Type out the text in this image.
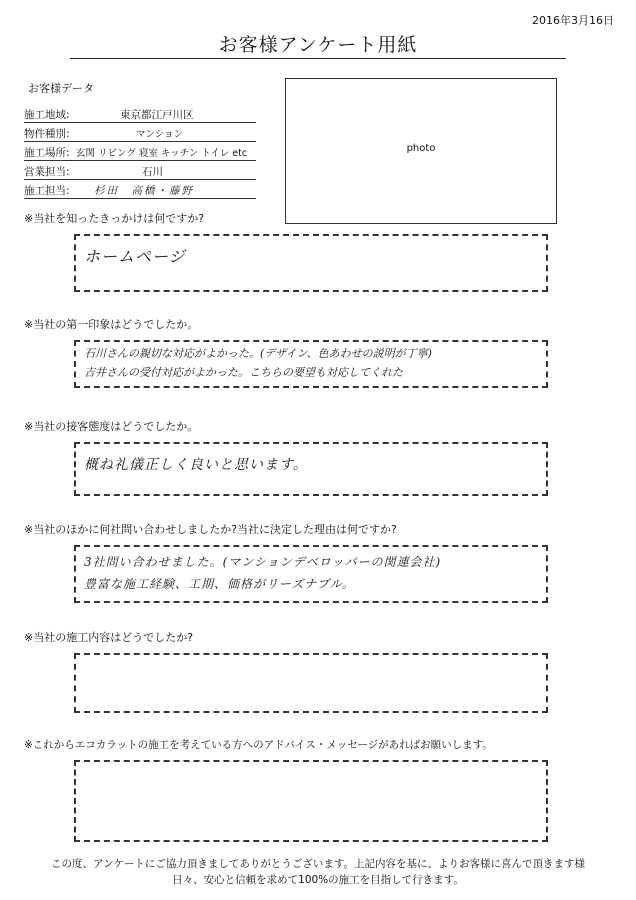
2016年3月16日
お客様アンケート用紙
お客様データ
施工地域:	東京都江戸川区
物件種別:	マンション
施工場所: 玄関 リビング 寝室 キッチン トイレ etc
営業担当:	石川
施工担当: 杉田　高橋・藤野
photo
※当社を知ったきっかけは何ですか?
ホームページ
※当社の第一印象はどうでしたか。
石川さんの親切な対応がよかった。(デザイン、色あわせの説明が丁寧)
吉井さんの受付対応がよかった。こちらの要望も対応してくれた
※当社の接客態度はどうでしたか。
概ね礼儀正しく良いと思います。
※当社のほかに何社問い合わせしましたか?当社に決定した理由は何ですか?
3社問い合わせました。(マンションデベロッパーの関連会社)
豊富な施工経験、工期、価格がリーズナブル。
※当社の施工内容はどうでしたか?
※これからエコカラットの施工を考えている方へのアドバイス・メッセージがあればお願いします。
この度、アンケートにご協力頂きましてありがとうございます。上記内容を基に、よりお客様に喜んで頂きます様
日々、安心と信頼を求めて100%の施工を目指して行きます。
